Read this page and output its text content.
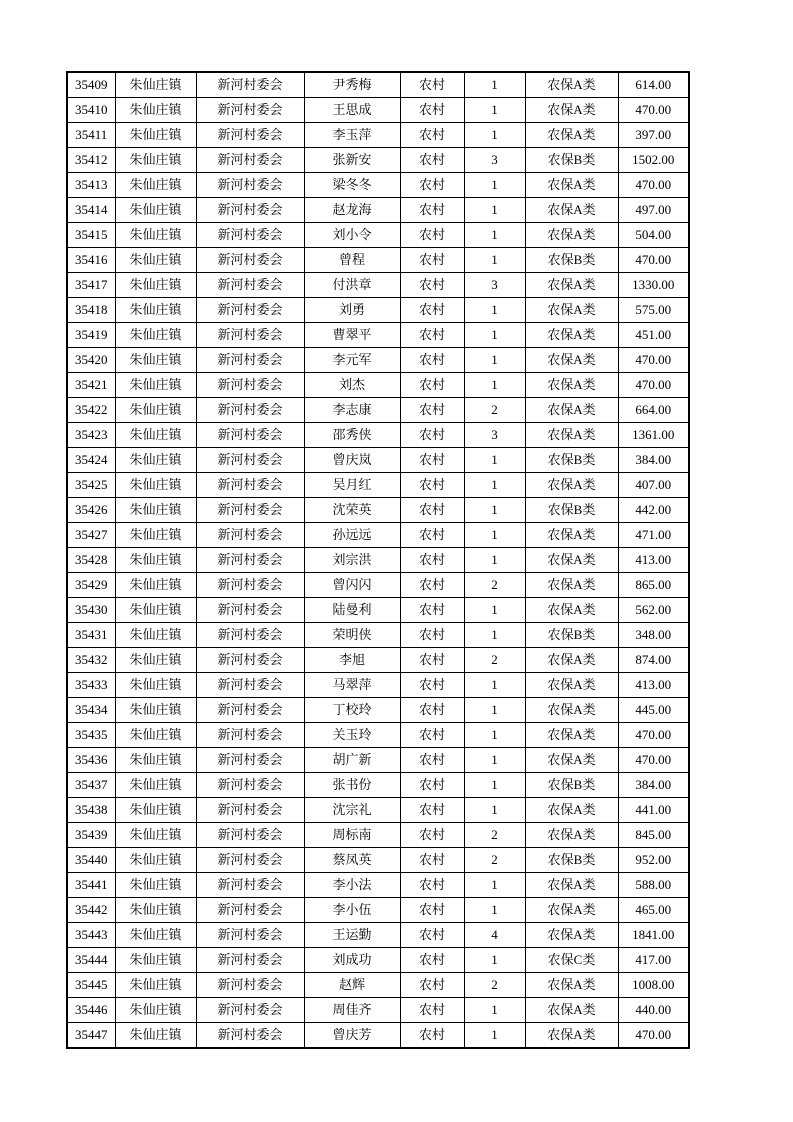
35409	朱仙庄镇	新河村委会	尹秀梅	农村	1	农保A类	614.00
35410	朱仙庄镇	新河村委会	王思成	农村	1	农保A类	470.00
35411	朱仙庄镇	新河村委会	李玉萍	农村	1	农保A类	397.00
35412	朱仙庄镇	新河村委会	张新安	农村	3	农保B类	1502.00
35413	朱仙庄镇	新河村委会	梁冬冬	农村	1	农保A类	470.00
35414	朱仙庄镇	新河村委会	赵龙海	农村	1	农保A类	497.00
35415	朱仙庄镇	新河村委会	刘小令	农村	1	农保A类	504.00
35416	朱仙庄镇	新河村委会	曾程	农村	1	农保B类	470.00
35417	朱仙庄镇	新河村委会	付洪章	农村	3	农保A类	1330.00
35418	朱仙庄镇	新河村委会	刘勇	农村	1	农保A类	575.00
35419	朱仙庄镇	新河村委会	曹翠平	农村	1	农保A类	451.00
35420	朱仙庄镇	新河村委会	李元军	农村	1	农保A类	470.00
35421	朱仙庄镇	新河村委会	刘杰	农村	1	农保A类	470.00
35422	朱仙庄镇	新河村委会	李志康	农村	2	农保A类	664.00
35423	朱仙庄镇	新河村委会	邵秀侠	农村	3	农保A类	1361.00
35424	朱仙庄镇	新河村委会	曾庆岚	农村	1	农保B类	384.00
35425	朱仙庄镇	新河村委会	吴月红	农村	1	农保A类	407.00
35426	朱仙庄镇	新河村委会	沈荣英	农村	1	农保B类	442.00
35427	朱仙庄镇	新河村委会	孙远远	农村	1	农保A类	471.00
35428	朱仙庄镇	新河村委会	刘宗洪	农村	1	农保A类	413.00
35429	朱仙庄镇	新河村委会	曾闪闪	农村	2	农保A类	865.00
35430	朱仙庄镇	新河村委会	陆曼利	农村	1	农保A类	562.00
35431	朱仙庄镇	新河村委会	荣明侠	农村	1	农保B类	348.00
35432	朱仙庄镇	新河村委会	李旭	农村	2	农保A类	874.00
35433	朱仙庄镇	新河村委会	马翠萍	农村	1	农保A类	413.00
35434	朱仙庄镇	新河村委会	丁校玲	农村	1	农保A类	445.00
35435	朱仙庄镇	新河村委会	关玉玲	农村	1	农保A类	470.00
35436	朱仙庄镇	新河村委会	胡广新	农村	1	农保A类	470.00
35437	朱仙庄镇	新河村委会	张书份	农村	1	农保B类	384.00
35438	朱仙庄镇	新河村委会	沈宗礼	农村	1	农保A类	441.00
35439	朱仙庄镇	新河村委会	周标南	农村	2	农保A类	845.00
35440	朱仙庄镇	新河村委会	蔡凤英	农村	2	农保B类	952.00
35441	朱仙庄镇	新河村委会	李小法	农村	1	农保A类	588.00
35442	朱仙庄镇	新河村委会	李小伍	农村	1	农保A类	465.00
35443	朱仙庄镇	新河村委会	王运勤	农村	4	农保A类	1841.00
35444	朱仙庄镇	新河村委会	刘成功	农村	1	农保C类	417.00
35445	朱仙庄镇	新河村委会	赵辉	农村	2	农保A类	1008.00
35446	朱仙庄镇	新河村委会	周佳齐	农村	1	农保A类	440.00
35447	朱仙庄镇	新河村委会	曾庆芳	农村	1	农保A类	470.00
